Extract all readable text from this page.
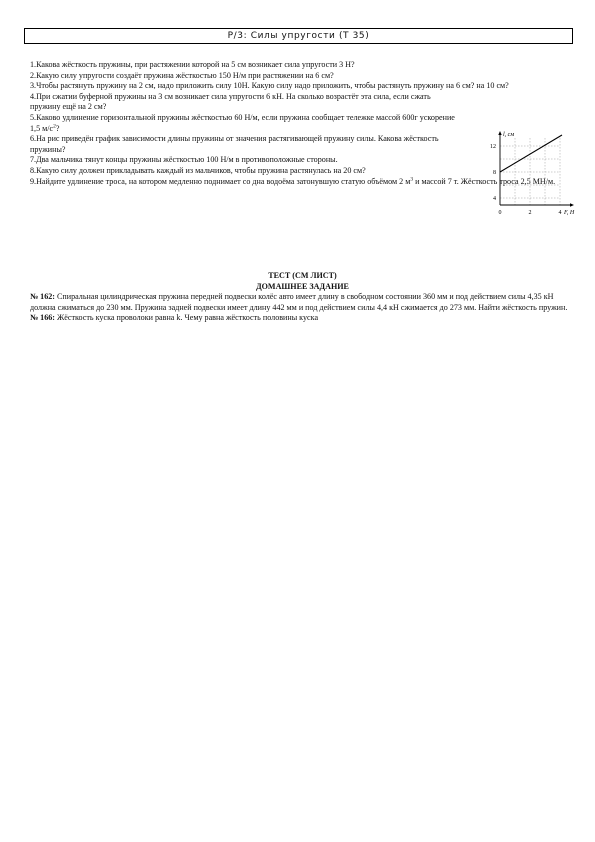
Р/3: Силы упругости (Т 35)

1.Какова жёсткость пружины, при растяжении которой на 5 см возникает сила упругости 3 Н?

2.Какую силу упругости создаёт пружина жёсткостью 150 Н/м при растяжении на 6 см?

3.Чтобы растянуть пружину на 2 см, надо приложить силу 10Н. Какую силу надо приложить, чтобы растянуть пружину на 6 см? на 10 см?

4.При сжатии буферной пружины на 3 см возникает сила упругости 6 кН. На сколько возрастёт эта сила, если сжать пружину ещё на 2 см?

5.Каково удлинение горизонтальной пружины жёсткостью 60 Н/м, если пружина сообщает тележке массой 600г ускорение 1,5 $м/с^2$?

6.На рис приведён график зависимости длины пружины от значения растягивающей пружину силы. Какова жёсткость пружины?

7.Два мальчика тянут концы пружины жёсткостью 100 Н/м в противоположные стороны.

8.Какую силу должен прикладывать каждый из мальчиков, чтобы пружина растянулась на 20 см?

9.Найдите удлинение троса, на котором медленно поднимает со дна водоёма затонувшую статую объёмом 2 $м^3$ и массой 7 т. Жёсткость троса 2,5 МН/м.

l, см
F, Н
12
8
4
0	2	4

ТЕСТ (СМ ЛИСТ)

ДОМАШНЕЕ ЗАДАНИЕ

№ 162: Спиральная цилиндрическая пружина передней подвески колёс авто имеет длину в свободном состоянии 360 мм и под действием силы 4,35 кН должна сжиматься до 230 мм. Пружина задней подвески имеет длину 442 мм и под действием силы 4,4 кН сжимается до 273 мм. Найти жёсткость пружин.

№ 166: Жёсткость куска проволоки равна k. Чему равна жёсткость половины куска
